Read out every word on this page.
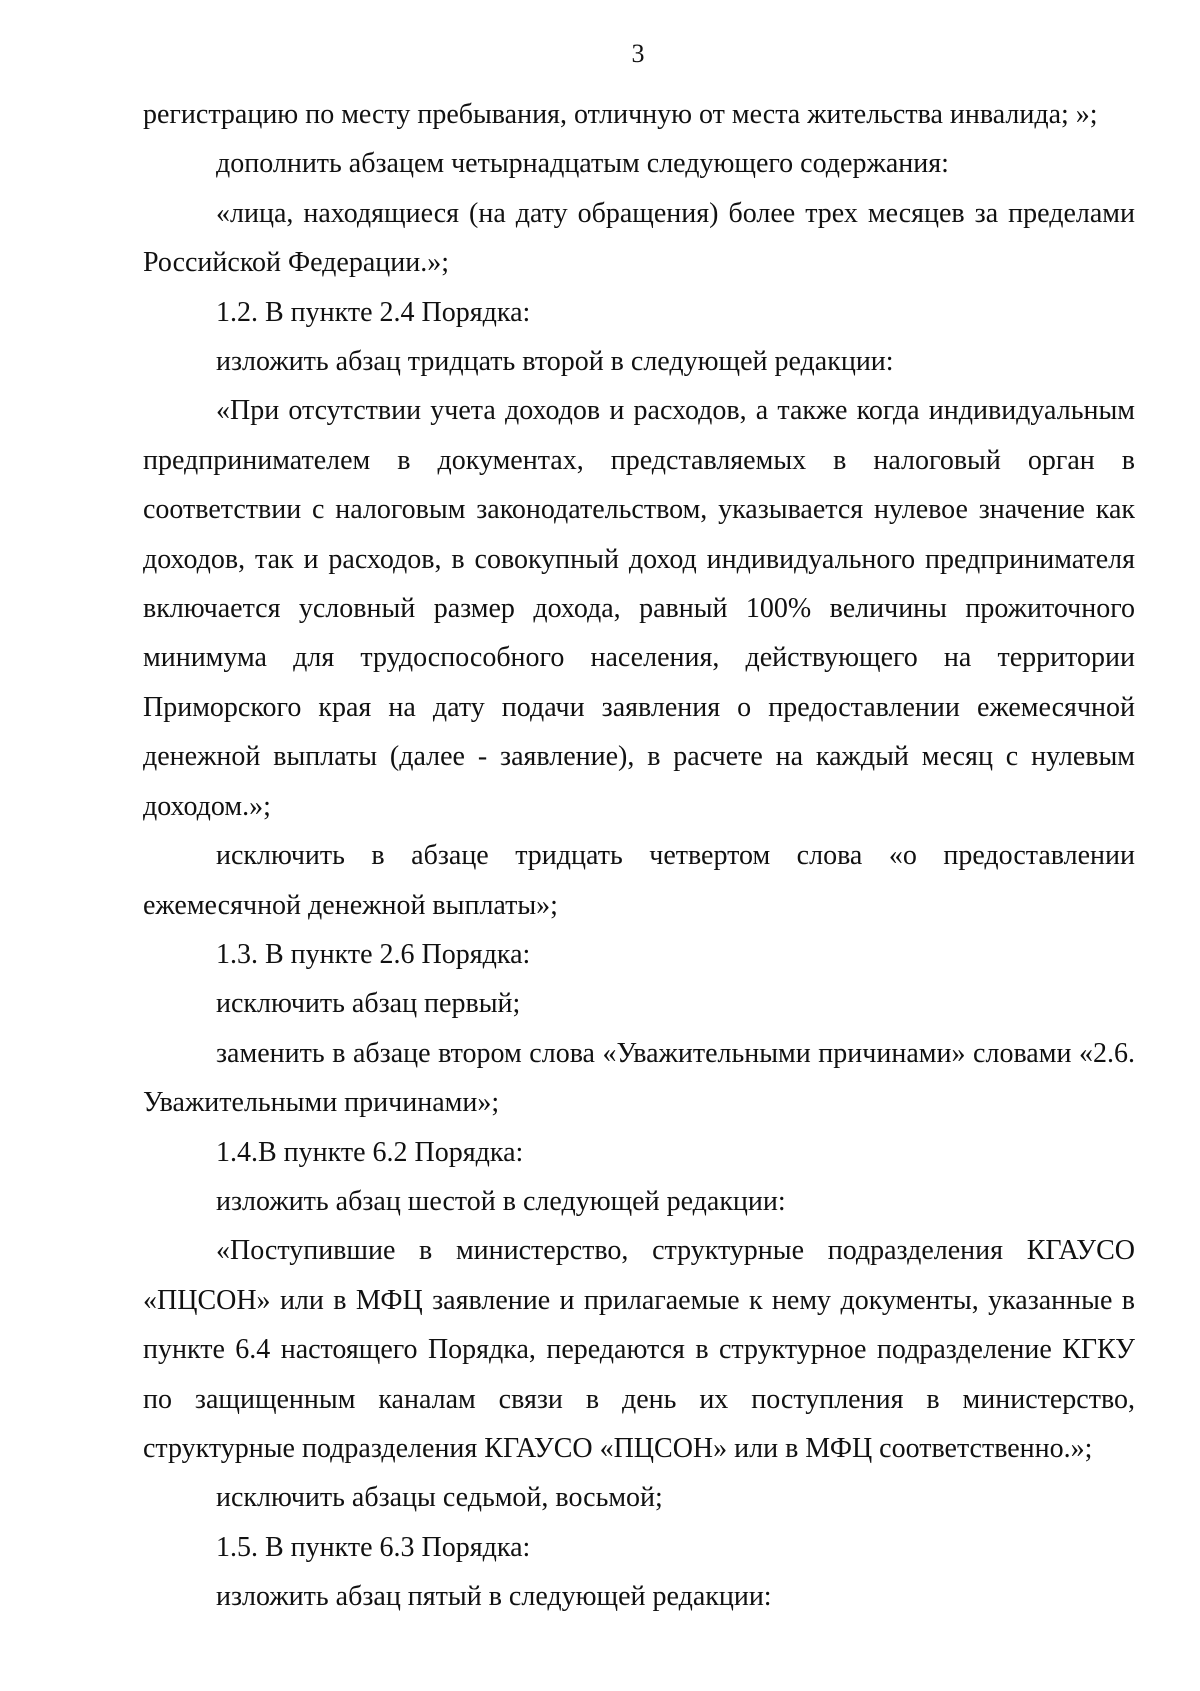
3

регистрацию по месту пребывания, отличную от места жительства инвалида; »;

дополнить абзацем четырнадцатым следующего содержания:

«лица, находящиеся (на дату обращения) более трех месяцев за пределами Российской Федерации.»;

1.2. В пункте 2.4 Порядка:

изложить абзац тридцать второй в следующей редакции:

«При отсутствии учета доходов и расходов, а также когда индивидуальным предпринимателем в документах, представляемых в налоговый орган в соответствии с налоговым законодательством, указывается нулевое значение как доходов, так и расходов, в совокупный доход индивидуального предпринимателя включается условный размер дохода, равный 100% величины прожиточного минимума для трудоспособного населения, действующего на территории Приморского края на дату подачи заявления о предоставлении ежемесячной денежной выплаты (далее - заявление), в расчете на каждый месяц с нулевым доходом.»;

исключить в абзаце тридцать четвертом слова «о предоставлении ежемесячной денежной выплаты»;

1.3. В пункте 2.6 Порядка:

исключить абзац первый;

заменить в абзаце втором слова «Уважительными причинами» словами «2.6. Уважительными причинами»;

1.4.В пункте 6.2 Порядка:

изложить абзац шестой в следующей редакции:

«Поступившие в министерство, структурные подразделения КГАУСО «ПЦСОН» или в МФЦ заявление и прилагаемые к нему документы, указанные в пункте 6.4 настоящего Порядка, передаются в структурное подразделение КГКУ по защищенным каналам связи в день их поступления в министерство, структурные подразделения КГАУСО «ПЦСОН» или в МФЦ соответственно.»;

исключить абзацы седьмой, восьмой;

1.5. В пункте 6.3 Порядка:

изложить абзац пятый в следующей редакции:
